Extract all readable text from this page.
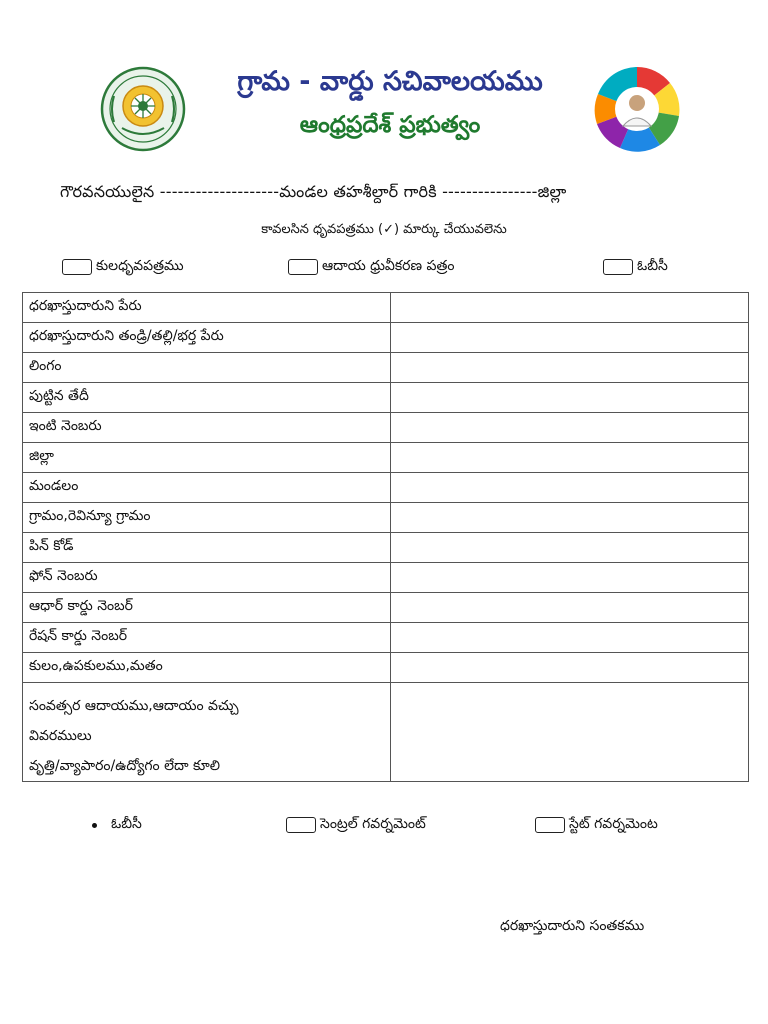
గ్రామ - వార్డు సచివాలయము
ఆంధ్రప్రదేశ్ ప్రభుత్వం
గౌరవనయులైన --------------------మండల తహశీల్దార్ గారికి ----------------జిల్లా
కావలసిన ధృవపత్రము (✓) మార్కు చేయువలెను
కులధృవపత్రము	ఆదాయ ధ్రువీకరణ పత్రం	ఓబీసీ
ధరఖాస్తుదారుని పేరు	
ధరఖాస్తుదారుని తండ్రి/తల్లి/భర్త పేరు	
లింగం	
పుట్టిన తేదీ	
ఇంటి నెంబరు	
జిల్లా	
మండలం	
గ్రామం,రెవిన్యూ గ్రామం	
పిన్ కోడ్	
ఫోన్ నెంబరు	
ఆధార్ కార్డు నెంబర్	
రేషన్ కార్డు నెంబర్	
కులం,ఉపకులము,మతం	

సంవత్సర ఆదాయము,ఆదాయం వచ్చు
వివరములు
వృత్తి/వ్యాపారం/ఉద్యోగం లేదా కూలి	

ఓబీసీ	సెంట్రల్ గవర్నమెంట్	స్టేట్ గవర్నమెంట
ధరఖాస్తుదారుని సంతకము
